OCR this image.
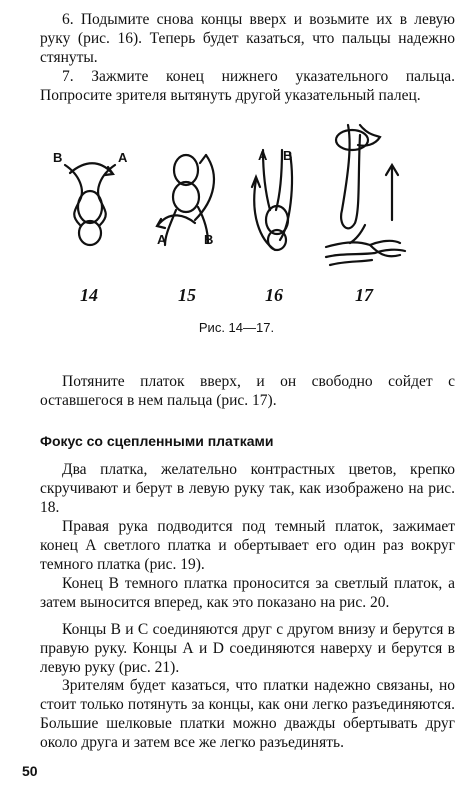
6. Подымите снова концы вверх и возьмите их в левую руку (рис. 16). Теперь будет казаться, что пальцы надежно стянуты.

7. Зажмите конец нижнего указательного пальца. Попросите зрителя вытянуть другой указательный палец.

В	А
А	В
А В
14	15	16	17
Рис. 14—17.

Потяните платок вверх, и он свободно сойдет с оставшегося в нем пальца (рис. 17).

Фокус со сцепленными платками

Два платка, желательно контрастных цветов, крепко скручивают и берут в левую руку так, как изображено на рис. 18.

Правая рука подводится под темный платок, зажимает конец А светлого платка и обертывает его один раз вокруг темного платка (рис. 19).

Конец В темного платка проносится за светлый платок, а затем выносится вперед, как это показано на рис. 20.

Концы В и С соединяются друг с другом внизу и берутся в правую руку. Концы А и D соединяются наверху и берутся в левую руку (рис. 21).

Зрителям будет казаться, что платки надежно связаны, но стоит только потянуть за концы, как они легко разъединяются. Большие шелковые платки можно дважды обертывать друг около друга и затем все же легко разъединять.

50
